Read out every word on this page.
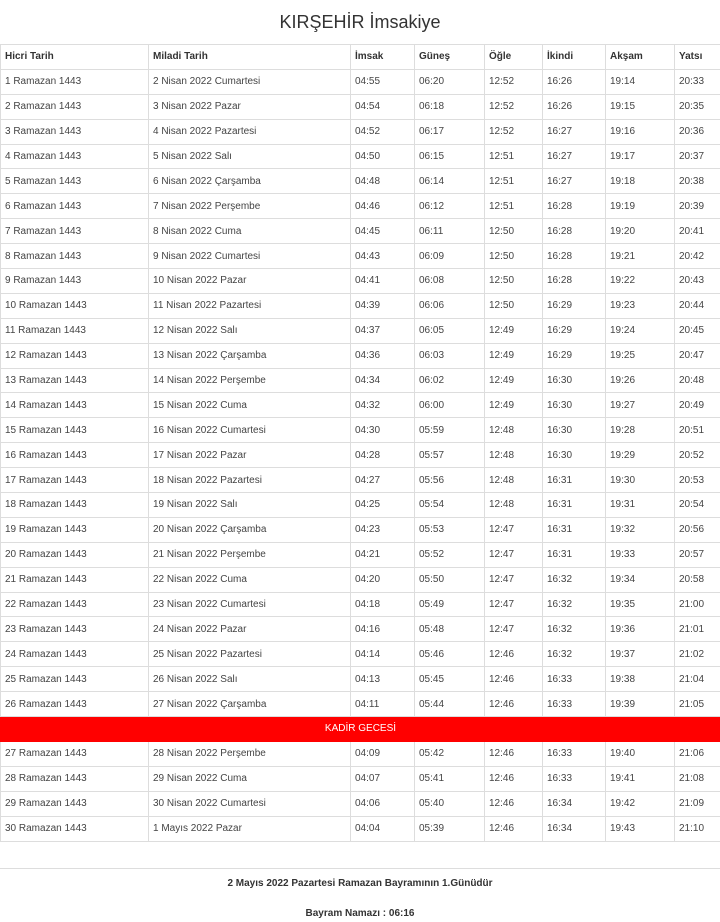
KIRŞEHİR İmsakiye
Hicri Tarih	Miladi Tarih	İmsak	Güneş	Öğle	İkindi	Akşam	Yatsı
1 Ramazan 1443	2 Nisan 2022 Cumartesi	04:55	06:20	12:52	16:26	19:14	20:33
2 Ramazan 1443	3 Nisan 2022 Pazar	04:54	06:18	12:52	16:26	19:15	20:35
3 Ramazan 1443	4 Nisan 2022 Pazartesi	04:52	06:17	12:52	16:27	19:16	20:36
4 Ramazan 1443	5 Nisan 2022 Salı	04:50	06:15	12:51	16:27	19:17	20:37
5 Ramazan 1443	6 Nisan 2022 Çarşamba	04:48	06:14	12:51	16:27	19:18	20:38
6 Ramazan 1443	7 Nisan 2022 Perşembe	04:46	06:12	12:51	16:28	19:19	20:39
7 Ramazan 1443	8 Nisan 2022 Cuma	04:45	06:11	12:50	16:28	19:20	20:41
8 Ramazan 1443	9 Nisan 2022 Cumartesi	04:43	06:09	12:50	16:28	19:21	20:42
9 Ramazan 1443	10 Nisan 2022 Pazar	04:41	06:08	12:50	16:28	19:22	20:43
10 Ramazan 1443	11 Nisan 2022 Pazartesi	04:39	06:06	12:50	16:29	19:23	20:44
11 Ramazan 1443	12 Nisan 2022 Salı	04:37	06:05	12:49	16:29	19:24	20:45
12 Ramazan 1443	13 Nisan 2022 Çarşamba	04:36	06:03	12:49	16:29	19:25	20:47
13 Ramazan 1443	14 Nisan 2022 Perşembe	04:34	06:02	12:49	16:30	19:26	20:48
14 Ramazan 1443	15 Nisan 2022 Cuma	04:32	06:00	12:49	16:30	19:27	20:49
15 Ramazan 1443	16 Nisan 2022 Cumartesi	04:30	05:59	12:48	16:30	19:28	20:51
16 Ramazan 1443	17 Nisan 2022 Pazar	04:28	05:57	12:48	16:30	19:29	20:52
17 Ramazan 1443	18 Nisan 2022 Pazartesi	04:27	05:56	12:48	16:31	19:30	20:53
18 Ramazan 1443	19 Nisan 2022 Salı	04:25	05:54	12:48	16:31	19:31	20:54
19 Ramazan 1443	20 Nisan 2022 Çarşamba	04:23	05:53	12:47	16:31	19:32	20:56
20 Ramazan 1443	21 Nisan 2022 Perşembe	04:21	05:52	12:47	16:31	19:33	20:57
21 Ramazan 1443	22 Nisan 2022 Cuma	04:20	05:50	12:47	16:32	19:34	20:58
22 Ramazan 1443	23 Nisan 2022 Cumartesi	04:18	05:49	12:47	16:32	19:35	21:00
23 Ramazan 1443	24 Nisan 2022 Pazar	04:16	05:48	12:47	16:32	19:36	21:01
24 Ramazan 1443	25 Nisan 2022 Pazartesi	04:14	05:46	12:46	16:32	19:37	21:02
25 Ramazan 1443	26 Nisan 2022 Salı	04:13	05:45	12:46	16:33	19:38	21:04
26 Ramazan 1443	27 Nisan 2022 Çarşamba	04:11	05:44	12:46	16:33	19:39	21:05
KADİR GECESİ							
27 Ramazan 1443	28 Nisan 2022 Perşembe	04:09	05:42	12:46	16:33	19:40	21:06
28 Ramazan 1443	29 Nisan 2022 Cuma	04:07	05:41	12:46	16:33	19:41	21:08
29 Ramazan 1443	30 Nisan 2022 Cumartesi	04:06	05:40	12:46	16:34	19:42	21:09
30 Ramazan 1443	1 Mayıs 2022 Pazar	04:04	05:39	12:46	16:34	19:43	21:10
2 Mayıs 2022 Pazartesi Ramazan Bayramının 1.Günüdür
Bayram Namazı : 06:16
